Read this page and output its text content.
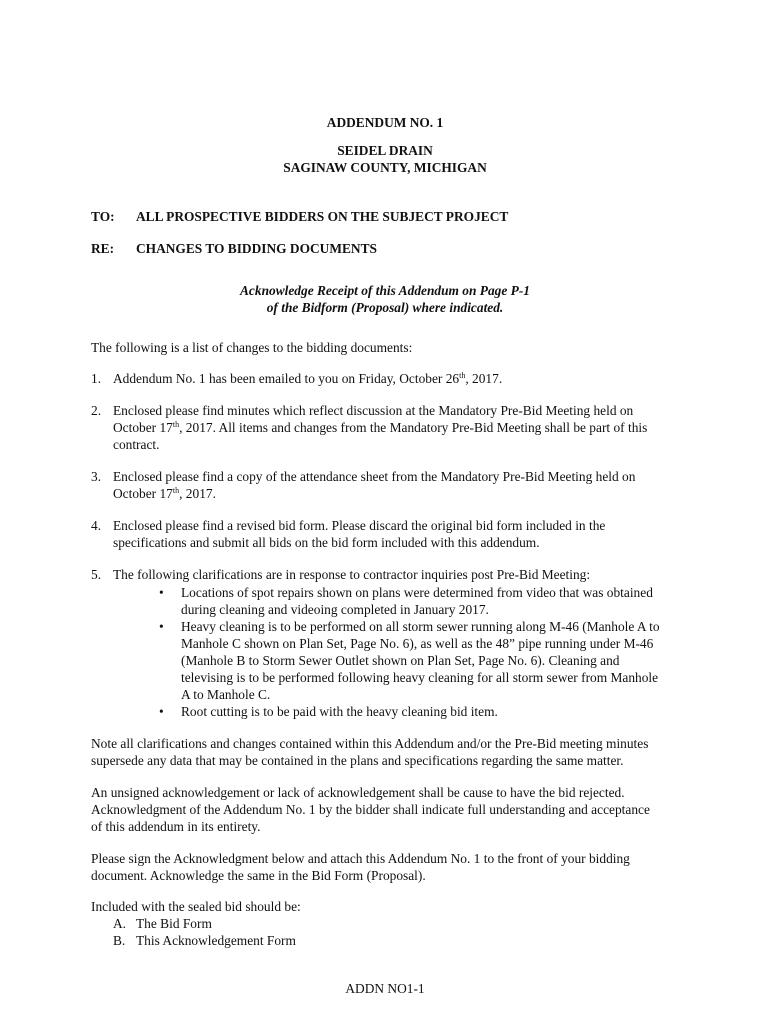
ADDENDUM NO. 1
SEIDEL DRAIN
SAGINAW COUNTY, MICHIGAN
TO: ALL PROSPECTIVE BIDDERS ON THE SUBJECT PROJECT
RE: CHANGES TO BIDDING DOCUMENTS
Acknowledge Receipt of this Addendum on Page P-1
of the Bidform (Proposal) where indicated.
The following is a list of changes to the bidding documents:
1. Addendum No. 1 has been emailed to you on Friday, October 26th, 2017.
2. Enclosed please find minutes which reflect discussion at the Mandatory Pre-Bid Meeting held on
October 17th, 2017. All items and changes from the Mandatory Pre-Bid Meeting shall be part of this
contract.
3. Enclosed please find a copy of the attendance sheet from the Mandatory Pre-Bid Meeting held on
October 17th, 2017.
4. Enclosed please find a revised bid form. Please discard the original bid form included in the
specifications and submit all bids on the bid form included with this addendum.
5. The following clarifications are in response to contractor inquiries post Pre-Bid Meeting:
• Locations of spot repairs shown on plans were determined from video that was obtained
during cleaning and videoing completed in January 2017.
• Heavy cleaning is to be performed on all storm sewer running along M-46 (Manhole A to
Manhole C shown on Plan Set, Page No. 6), as well as the 48” pipe running under M-46
(Manhole B to Storm Sewer Outlet shown on Plan Set, Page No. 6). Cleaning and
televising is to be performed following heavy cleaning for all storm sewer from Manhole
A to Manhole C.
• Root cutting is to be paid with the heavy cleaning bid item.
Note all clarifications and changes contained within this Addendum and/or the Pre-Bid meeting minutes
supersede any data that may be contained in the plans and specifications regarding the same matter.
An unsigned acknowledgement or lack of acknowledgement shall be cause to have the bid rejected.
Acknowledgment of the Addendum No. 1 by the bidder shall indicate full understanding and acceptance
of this addendum in its entirety.
Please sign the Acknowledgment below and attach this Addendum No. 1 to the front of your bidding
document. Acknowledge the same in the Bid Form (Proposal).
Included with the sealed bid should be:
A. The Bid Form
B. This Acknowledgement Form
ADDN NO1-1
